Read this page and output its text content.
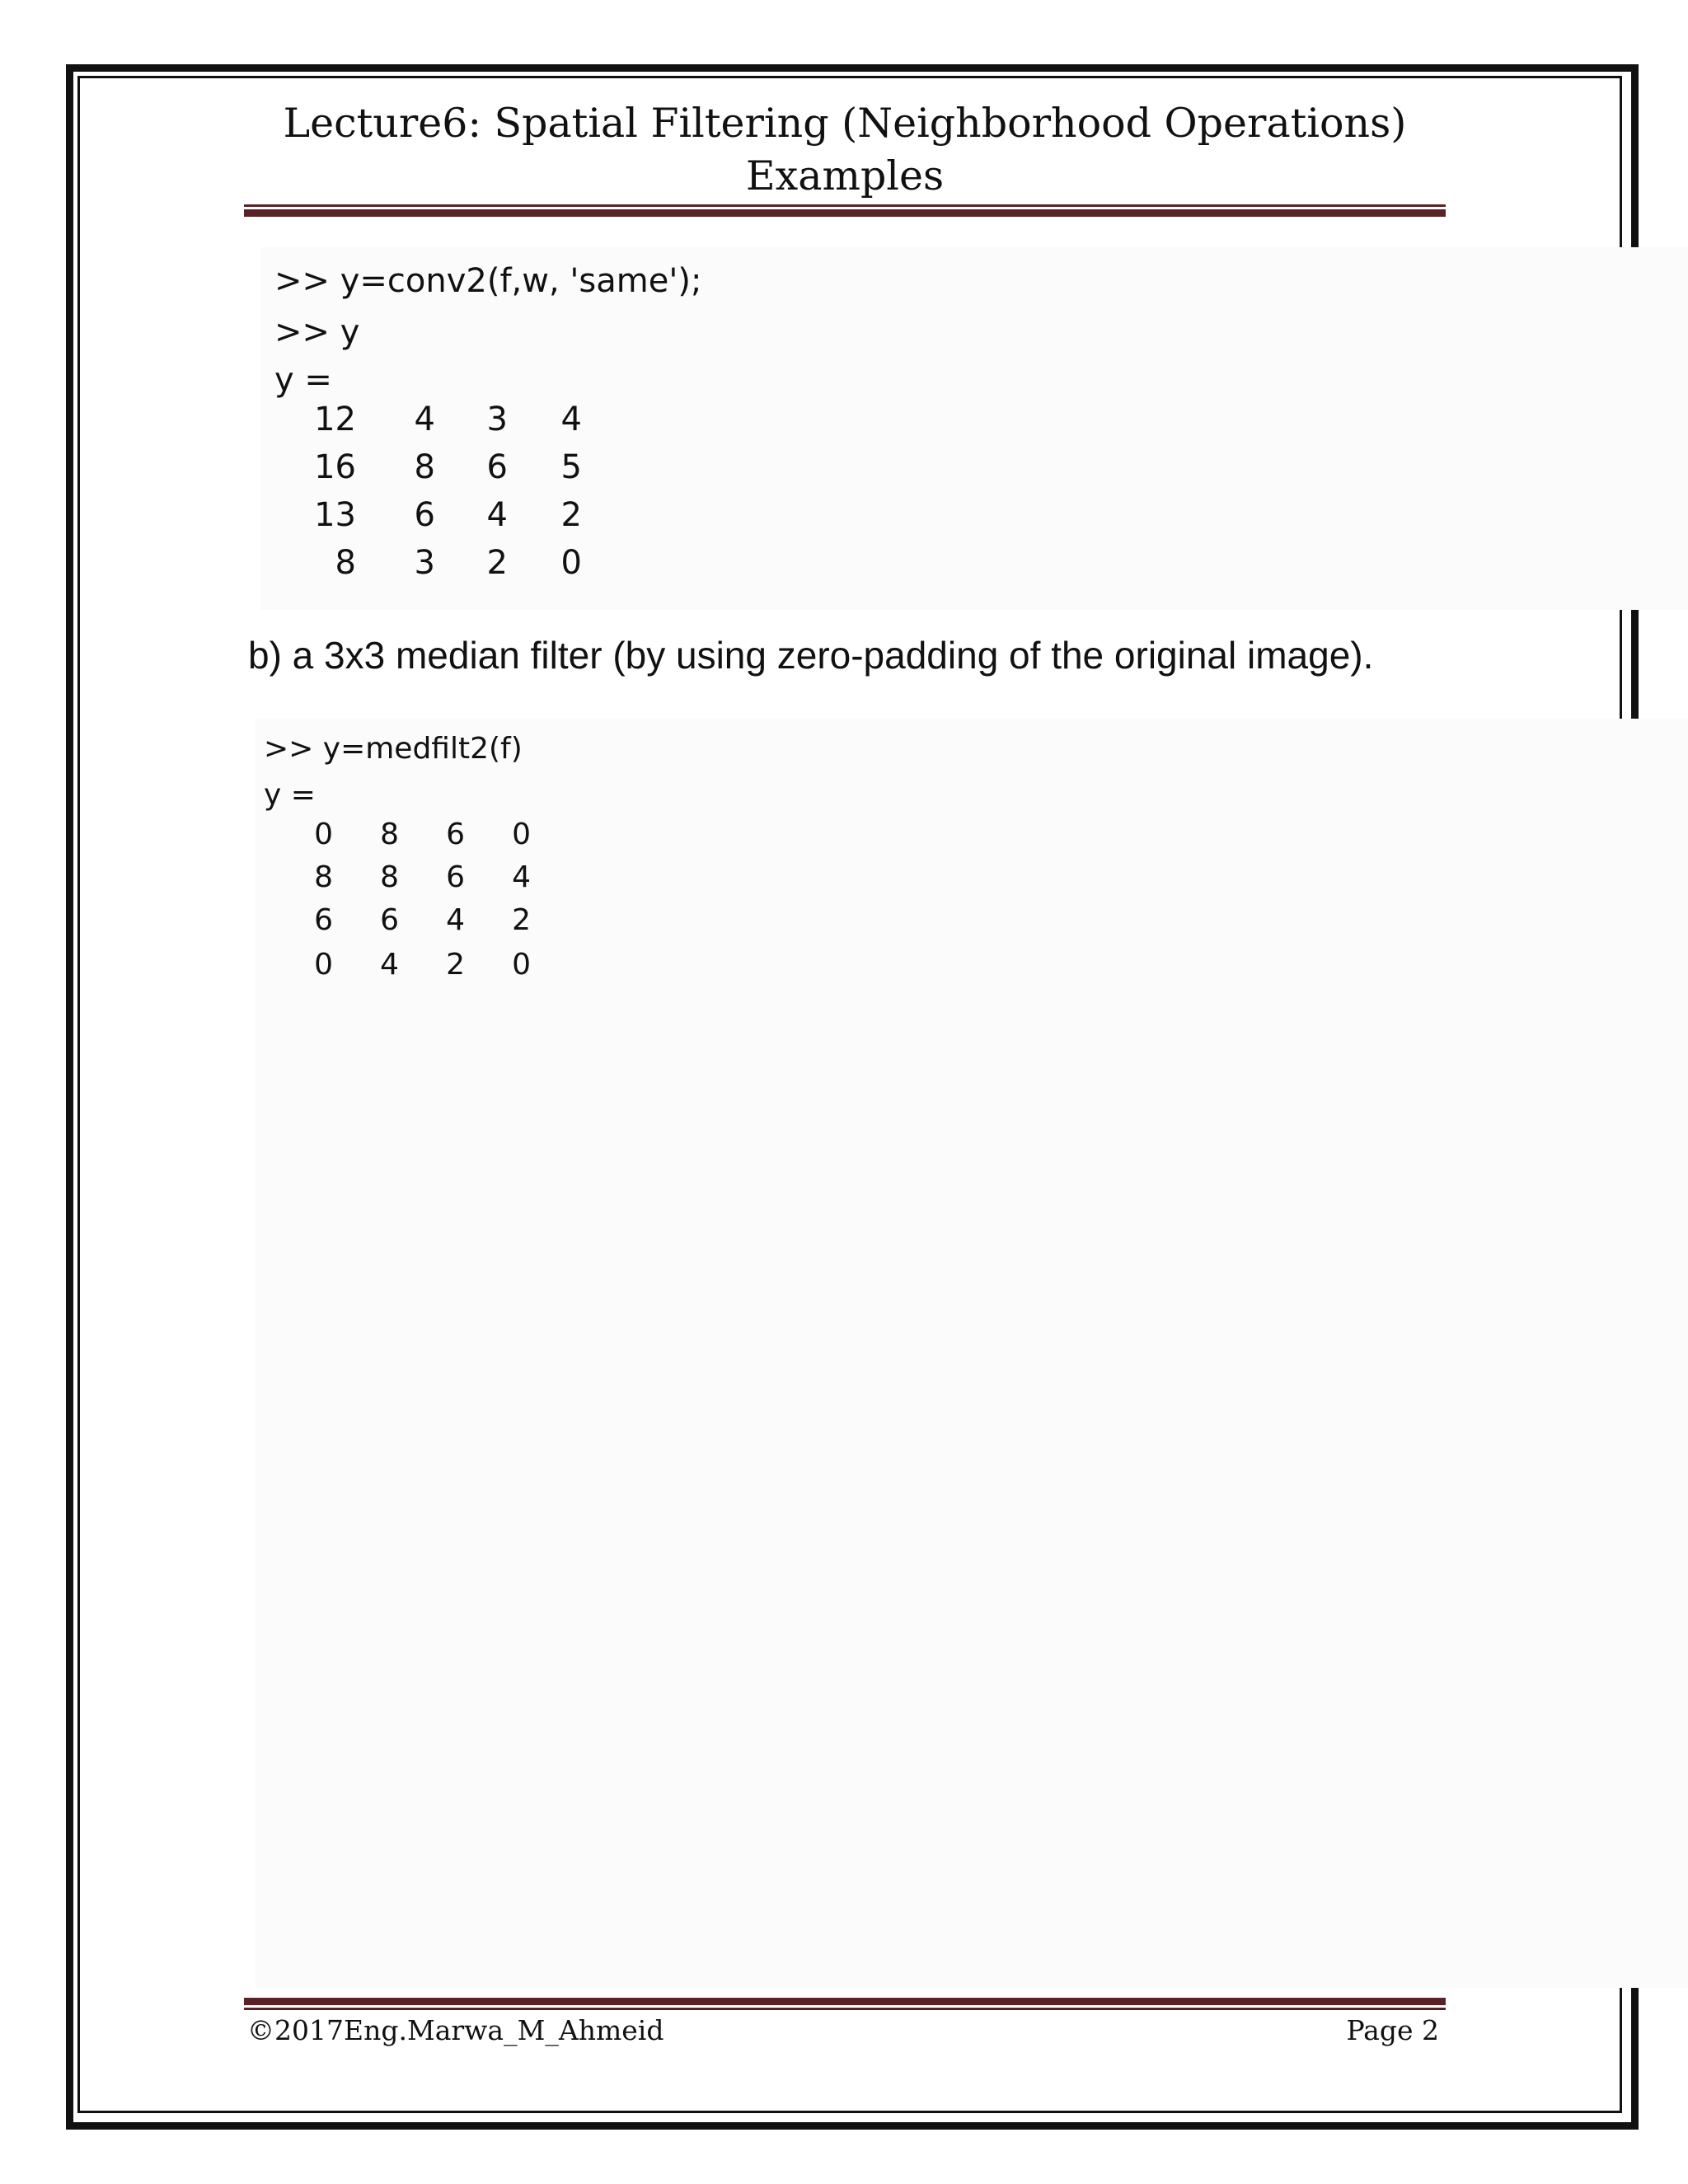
Lecture6: Spatial Filtering (Neighborhood Operations)
Examples
>> y=conv2(f,w, 'same');
>> y
y =
12 4 3 4
16 8 6 5
13 6 4 2
8 3 2 0
b) a 3x3 median filter (by using zero-padding of the original image).
>> y=medfilt2(f)
y =
0 8 6 0
8 8 6 4
6 6 4 2
0 4 2 0
©2017Eng.Marwa_M_Ahmeid	Page 2
